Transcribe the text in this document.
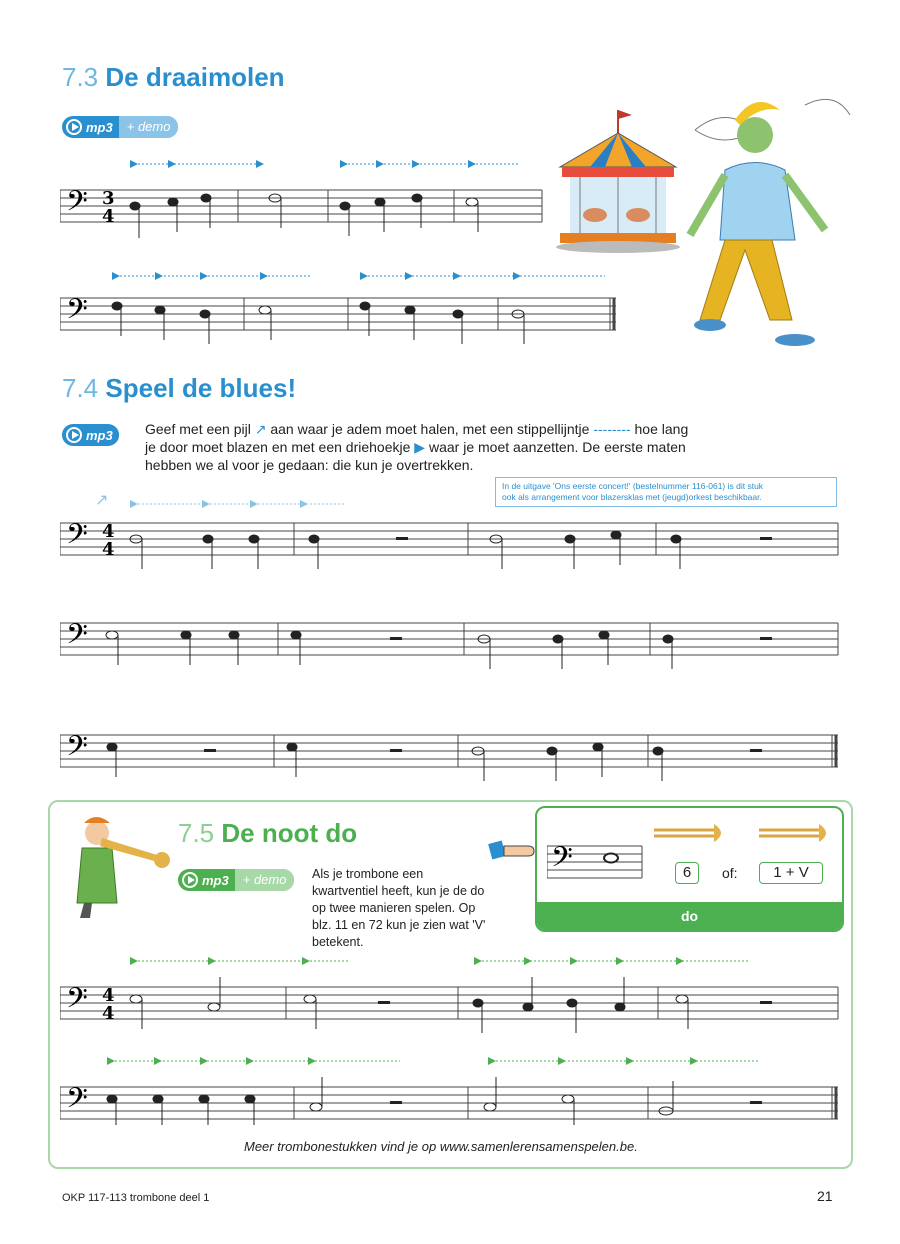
7.3 De draaimolen
mp3	+ demo
𝄢 3
4
𝄢
7.4 Speel de blues!
mp3	Geef met een pijl ↗ aan waar je adem moet halen, met een stippellijntje -------- hoe lang
je door moet blazen en met een driehoekje ▶ waar je moet aanzetten. De eerste maten
hebben we al voor je gedaan: die kun je overtrekken.
In de uitgave 'Ons eerste concert!' (bestelnummer 116-061) is dit stuk
ook als arrangement voor blazersklas met (jeugd)orkest beschikbaar.
↗
𝄢 4
4
𝄢
𝄢
7.5 De noot do
mp3	+ demo	Als je trombone een
kwartventiel heeft, kun je de do
op twee manieren spelen. Op
blz. 11 en 72 kun je zien wat 'V'
betekent.
𝄢	6	of:	1 + V
do
𝄢 4
4
𝄢
Meer trombonestukken vind je op www.samenlerensamenspelen.be.
OKP 117-113 trombone deel 1	21
